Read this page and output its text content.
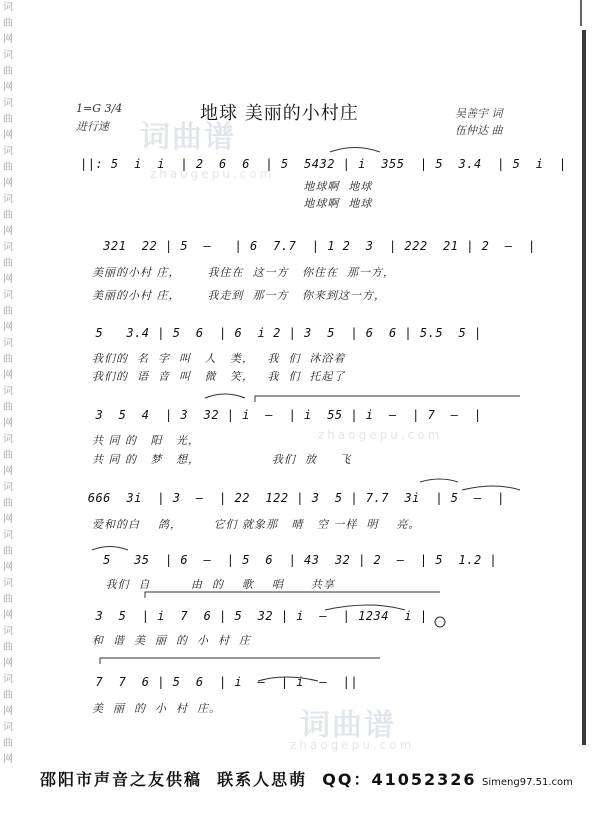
词
曲
网
词
曲
网
词
曲
网
词
曲
网
词
曲
网
词
曲
网
词
曲
网
词
曲
网
词
曲
网
词
曲
网
词
曲
网
词
曲
网
词
曲
网
词
曲
网
词
曲
网
词
曲
网
1=G 3/4
进行速
地球 美丽的小村庄	吴善宇 词
伍仲达 曲
词曲谱
zhaogepu.com
zhaogepu.com
词曲谱
zhaogepu.com
||: 5  i  i  | 2  6  6  | 5  5432 | i  355  | 5  3.4  | 5  i  |
地球啊  地球
地球啊  地球
321  22 | 5  —   | 6  7.7  | 1 2  3  | 222  21 | 2  —  |
美丽的小村 庄，      我住在  这一方   你住在  那一方，
美丽的小村 庄，      我走到  那一方   你来到这一方，
5   3.4 | 5  6  | 6  i 2 | 3  5  | 6  6 | 5.5  5 |
我们的  名  字  叫   人   类，   我  们  沐浴着
我们的  语  音  叫   微   笑，   我  们  托起了
3  5  4  | 3  32 | i  —  | i  55 | i  —  | 7  —  |
共 同 的   阳   光，
共 同 的   梦   想，                我们  放     飞
666  3i  | 3  —  | 22  122 | 3  5 | 7.7  3i  | 5  —  |
爱和的白    鸽，       它们 就象那   晴   空 一样  明    亮。
5   35  | 6  —  | 5  6  | 43  32 | 2  —  | 5  1.2 |
我们  自         由  的    歌    唱      共享
3  5  | i  7  6 | 5  32 | i  —  | 1234  i |
和  谐  美  丽  的  小  村  庄
7  7  6 | 5  6  | i  —  | i  —  ||
美  丽  的  小  村  庄。
邵阳市声音之友供稿  联系人思萌  QQ：41052326 Simeng97.51.com
